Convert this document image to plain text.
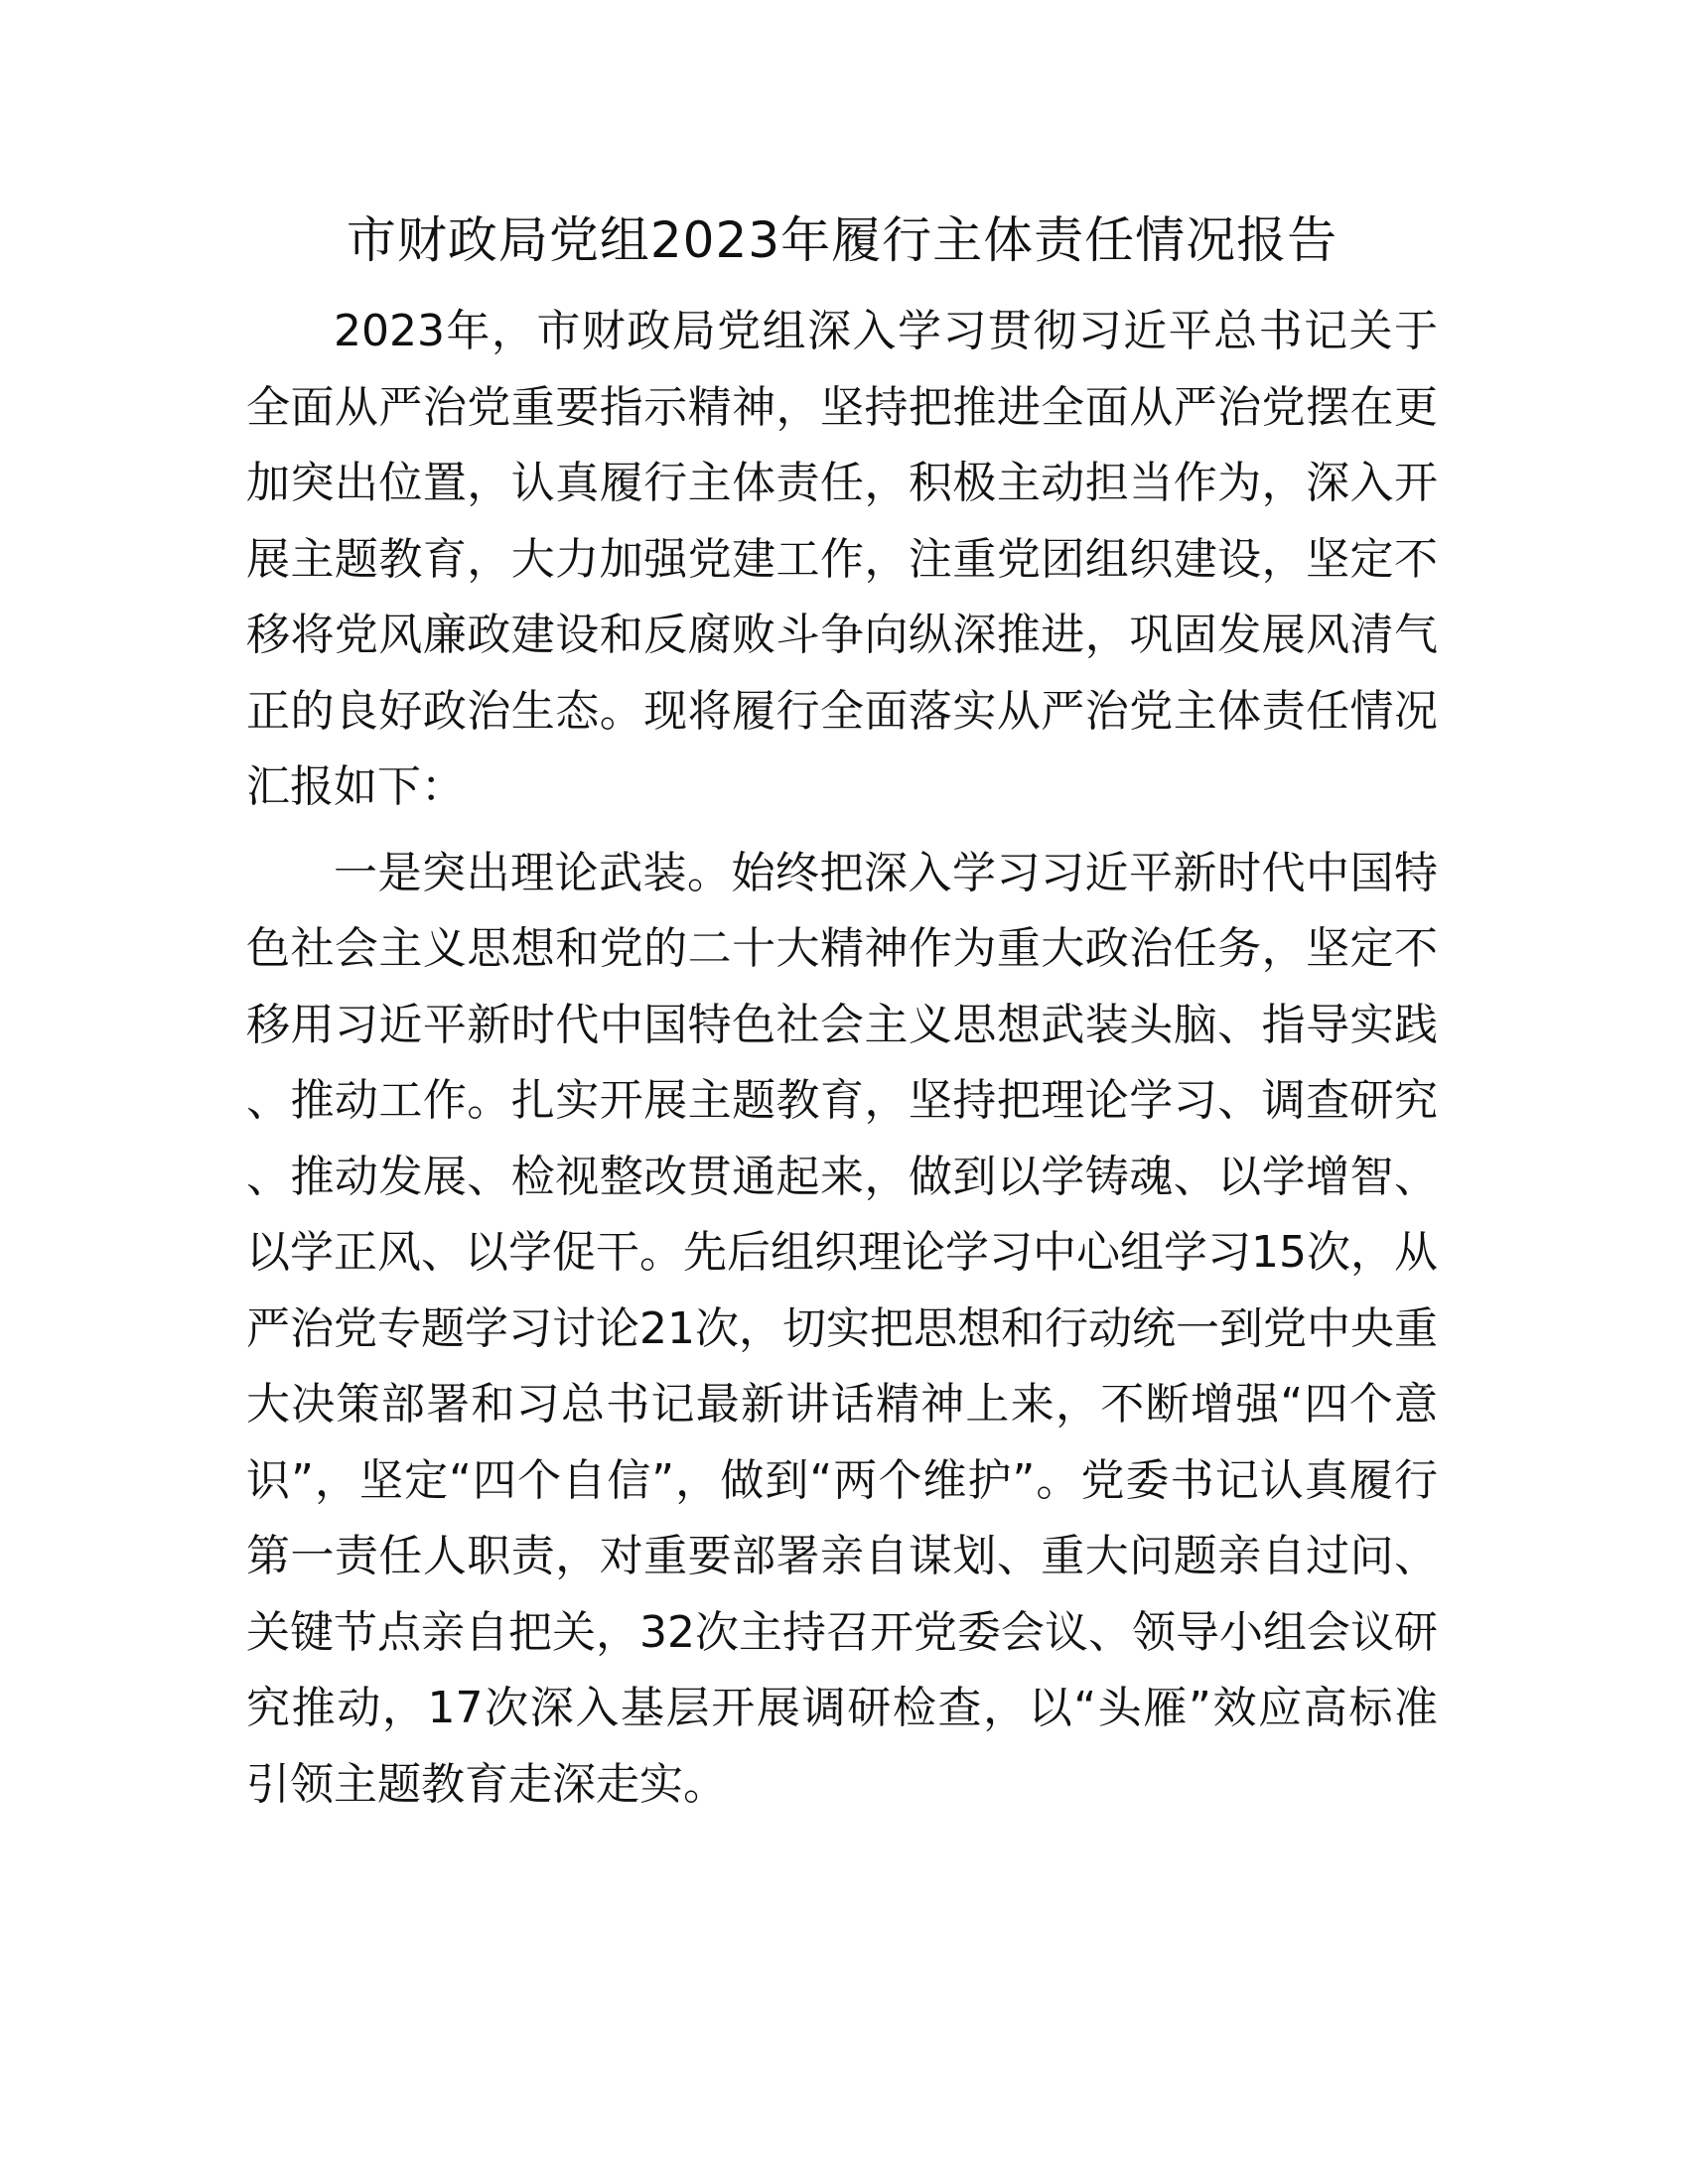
市财政局党组2023年履行主体责任情况报告

2023年，市财政局党组深入学习贯彻习近平总书记关于全面从严治党重要指示精神，坚持把推进全面从严治党摆在更加突出位置，认真履行主体责任，积极主动担当作为，深入开展主题教育，大力加强党建工作，注重党团组织建设，坚定不移将党风廉政建设和反腐败斗争向纵深推进，巩固发展风清气正的良好政治生态。现将履行全面落实从严治党主体责任情况汇报如下：

一是突出理论武装。始终把深入学习习近平新时代中国特色社会主义思想和党的二十大精神作为重大政治任务，坚定不移用习近平新时代中国特色社会主义思想武装头脑、指导实践、推动工作。扎实开展主题教育，坚持把理论学习、调查研究、推动发展、检视整改贯通起来，做到以学铸魂、以学增智、以学正风、以学促干。先后组织理论学习中心组学习15次，从严治党专题学习讨论21次，切实把思想和行动统一到党中央重大决策部署和习总书记最新讲话精神上来，不断增强“四个意识”，坚定“四个自信”，做到“两个维护”。党委书记认真履行第一责任人职责，对重要部署亲自谋划、重大问题亲自过问、关键节点亲自把关，32次主持召开党委会议、领导小组会议研究推动，17次深入基层开展调研检查，以“头雁”效应高标准引领主题教育走深走实。
